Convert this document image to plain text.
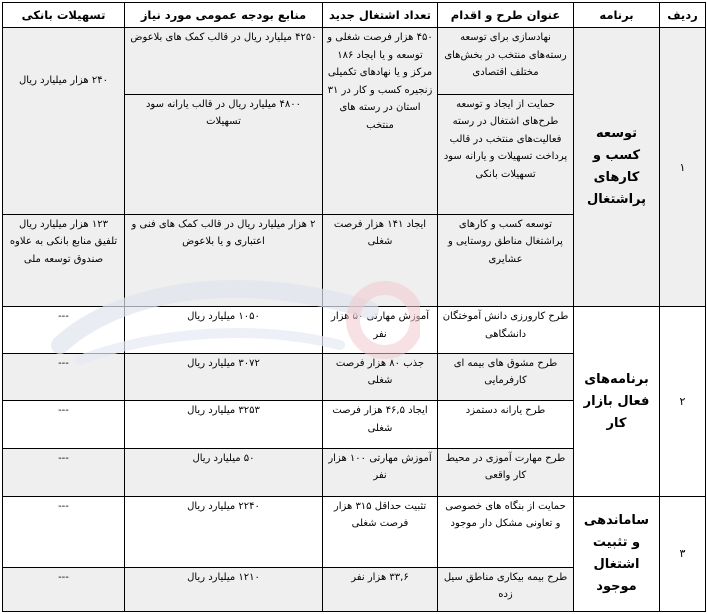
ردیف	برنامه	عنوان طرح و اقدام	تعداد اشتغال جدید	منابع بودجه عمومی مورد نیاز	تسهیلات بانکی
۱	توسعه کسب و کارهای پراشتغال	نهادسازی برای توسعه رسته‌های منتخب در بخش‌های مختلف اقتصادی	۴۵۰ هزار فرصت شغلی و توسعه و یا ایجاد ۱۸۶ مرکز و یا نهادهای تکمیلی زنجیره کسب و کار در ۳۱ استان در رسته های منتخب	۴۲۵۰ میلیارد ریال در قالب کمک های بلاعوض	۲۴۰ هزار میلیارد ریال
		حمایت از ایجاد و توسعه طرح‌های اشتغال در رسته فعالیت‌های منتخب در قالب پرداخت تسهیلات و یارانه سود تسهیلات بانکی		۴۸۰۰ میلیارد ریال در قالب یارانه سود تسهیلات	
		توسعه کسب و کارهای پراشتغال مناطق روستایی و عشایری	ایجاد ۱۴۱ هزار فرصت شغلی	۲ هزار میلیارد ریال در قالب کمک های فنی و اعتباری و یا بلاعوض	۱۲۳ هزار میلیارد ریال تلفیق منابع بانکی به علاوه صندوق توسعه ملی
۲	برنامه‌های فعال بازار کار	طرح کارورزی دانش آموختگان دانشگاهی	آموزش مهارتی ۵۰ هزار نفر	۱۰۵۰ میلیارد ریال	---
		طرح مشوق های بیمه ای کارفرمایی	جذب ۸۰ هزار فرصت شغلی	۳۰۷۲ میلیارد ریال	---
		طرح یارانه دستمزد	ایجاد ۴۶,۵ هزار فرصت شغلی	۳۲۵۳ میلیارد ریال	---
		طرح مهارت آموزی در محیط کار واقعی	آموزش مهارتی ۱۰۰ هزار نفر	۵۰ میلیارد ریال	---
۳	ساماندهی و تثبیت اشتغال موجود	حمایت از بنگاه های خصوصی و تعاونی مشکل دار موجود	تثبیت حداقل ۳۱۵ هزار فرصت شغلی	۲۲۴۰ میلیارد ریال	---
		طرح بیمه بیکاری مناطق سیل زده	۳۳,۶ هزار نفر	۱۲۱۰ میلیارد ریال	---
